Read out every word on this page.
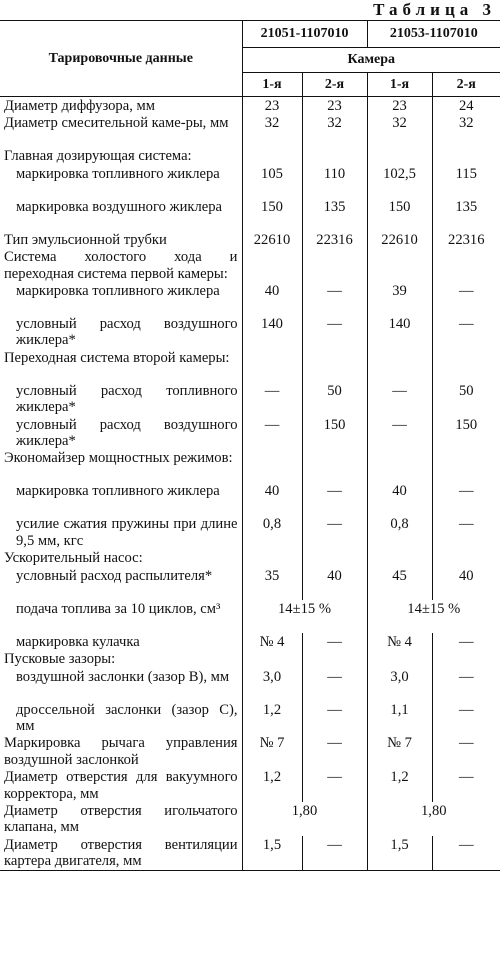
Таблица 3
Тарировочные данные	21051-1107010		21053-1107010	
	Камера			
	1-я	2-я	1-я	2-я
Диаметр диффузора, мм	23	23	23	24
Диаметр смесительной каме-ры, мм	32	32	32	32
Главная дозирующая система:				
маркировка топливного жиклера	105	110	102,5	115
маркировка воздушного жиклера	150	135	150	135
Тип эмульсионной трубки	22610	22316	22610	22316
Система холостого хода и переходная система первой камеры:				
маркировка топливного жиклера	40	—	39	—
условный расход воздушного жиклера*	140	—	140	—
Переходная система второй камеры:				
условный расход топливного жиклера*	—	50	—	50
условный расход воздушного жиклера*	—	150	—	150
Экономайзер мощностных режимов:				
маркировка топливного жиклера	40	—	40	—
усилие сжатия пружины при длине 9,5 мм, кгс	0,8	—	0,8	—
Ускорительный насос:				
условный расход распылителя*	35	40	45	40
подача топлива за 10 циклов, см³	14±15 %		14±15 %	
маркировка кулачка	№ 4	—	№ 4	—
Пусковые зазоры:				
воздушной заслонки (зазор В), мм	3,0	—	3,0	—
дроссельной заслонки (зазор С), мм	1,2	—	1,1	—
Маркировка рычага управления воздушной заслонкой	№ 7	—	№ 7	—
Диаметр отверстия для вакуумного корректора, мм	1,2	—	1,2	—
Диаметр отверстия игольчатого клапана, мм	1,80		1,80	
Диаметр отверстия вентиляции картера двигателя, мм	1,5	—	1,5	—
